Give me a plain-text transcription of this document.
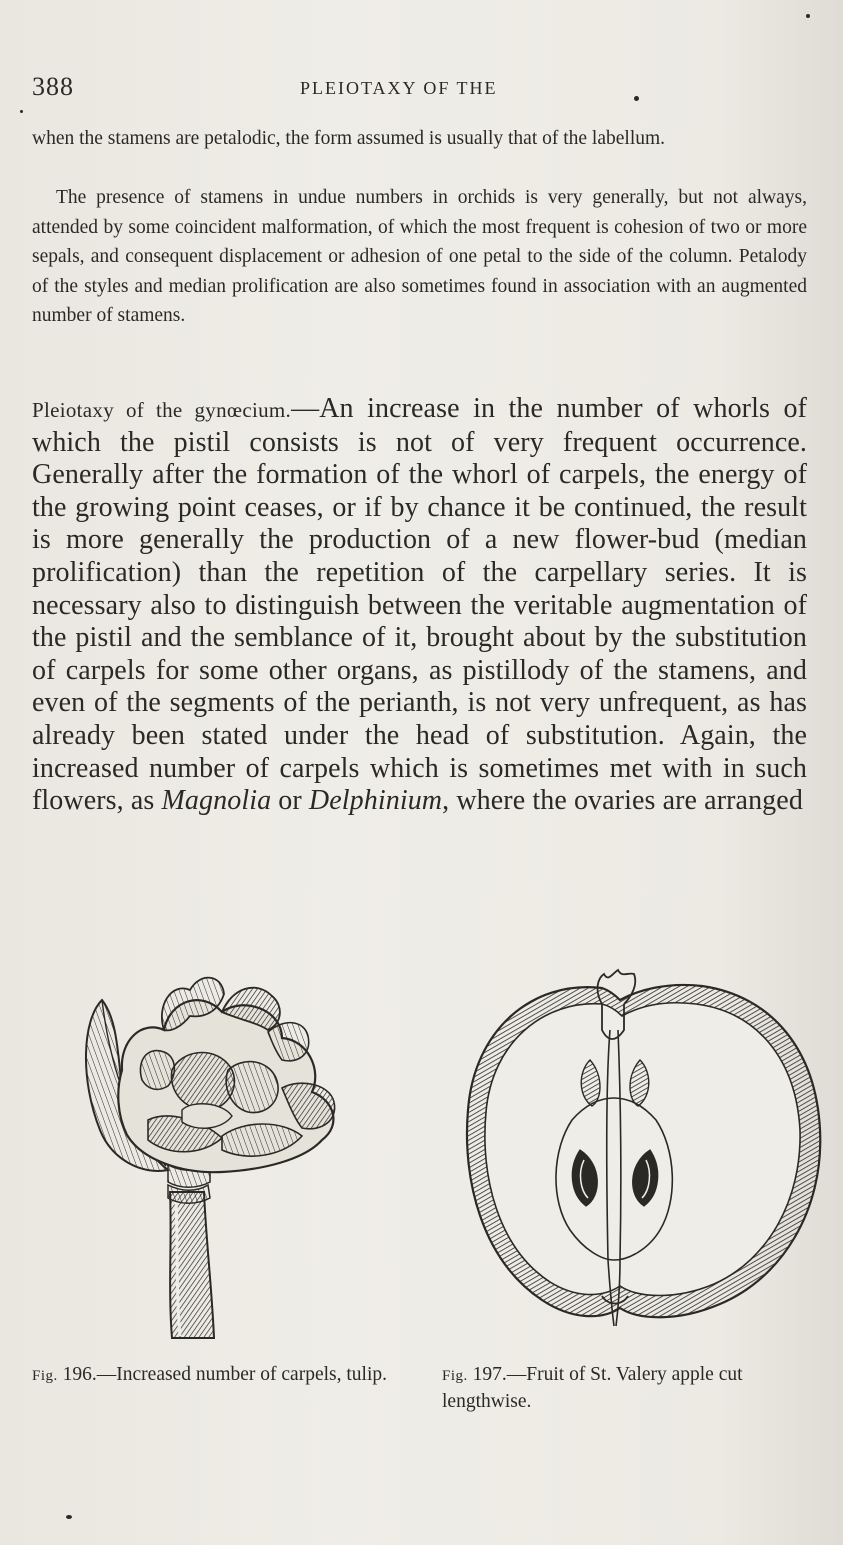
388	PLEIOTAXY OF THE

when the stamens are petalodic, the form assumed is usually that of the labellum.

The presence of stamens in undue numbers in orchids is very generally, but not always, attended by some coincident malformation, of which the most frequent is cohesion of two or more sepals, and consequent displacement or adhesion of one petal to the side of the column. Petalody of the styles and median prolification are also sometimes found in association with an augmented number of stamens.

Pleiotaxy of the gynœcium.—An increase in the number of whorls of which the pistil consists is not of very frequent occurrence. Generally after the formation of the whorl of carpels, the energy of the growing point ceases, or if by chance it be continued, the result is more generally the production of a new flower-bud (median prolification) than the repetition of the carpellary series. It is necessary also to distinguish between the veritable augmentation of the pistil and the semblance of it, brought about by the substitution of carpels for some other organs, as pistillody of the stamens, and even of the segments of the perianth, is not very unfrequent, as has already been stated under the head of substitution. Again, the increased number of carpels which is sometimes met with in such flowers, as Magnolia or Delphinium, where the ovaries are arranged
Fig. 196.—Increased number of carpels, tulip.	Fig. 197.—Fruit of St. Valery apple cut lengthwise.
